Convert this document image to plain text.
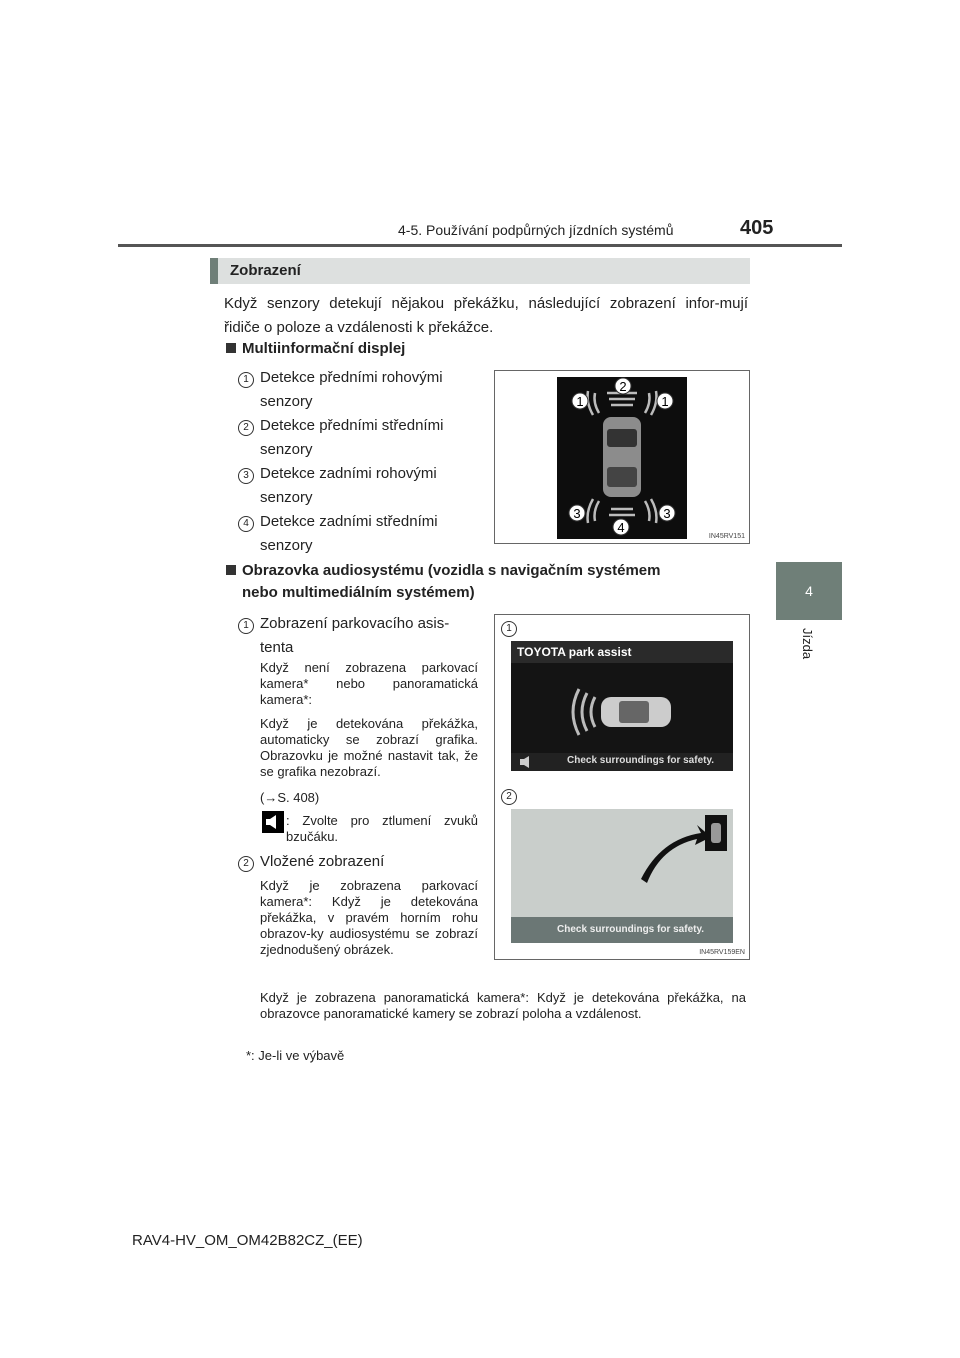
4-5. Používání podpůrných jízdních systémů	405
4
Jízda
Zobrazení
Když senzory detekují nějakou překážku, následující zobrazení infor-mují řidiče o poloze a vzdálenosti k překážce.
Multiinformační displej
1 Detekce předními rohovými
senzory
2 Detekce předními středními
senzory
3 Detekce zadními rohovými
senzory
4 Detekce zadními středními
senzory
2
1	1
3
4
3
IN45RV151
Obrazovka audiosystému (vozidla s navigačním systémem
nebo multimediálním systémem)
1 Zobrazení parkovacího asis-
tenta
Když není zobrazena parkovací kamera* nebo panoramatická kamera*:
Když je detekována překážka, automaticky se zobrazí grafika. Obrazovku je možné nastavit tak, že se grafika nezobrazí.
(→S. 408)
: Zvolte pro ztlumení zvuků bzučáku.
2 Vložené zobrazení
Když je zobrazena parkovací kamera*: Když je detekována překážka, v pravém horním rohu obrazov-ky audiosystému se zobrazí zjednodušený obrázek.
1
TOYOTA park assist
Check surroundings for safety.
2
Check surroundings for safety.
IN45RV159EN
Když je zobrazena panoramatická kamera*: Když je detekována překážka, na obrazovce panoramatické kamery se zobrazí poloha a vzdálenost.
*: Je-li ve výbavě
RAV4-HV_OM_OM42B82CZ_(EE)
